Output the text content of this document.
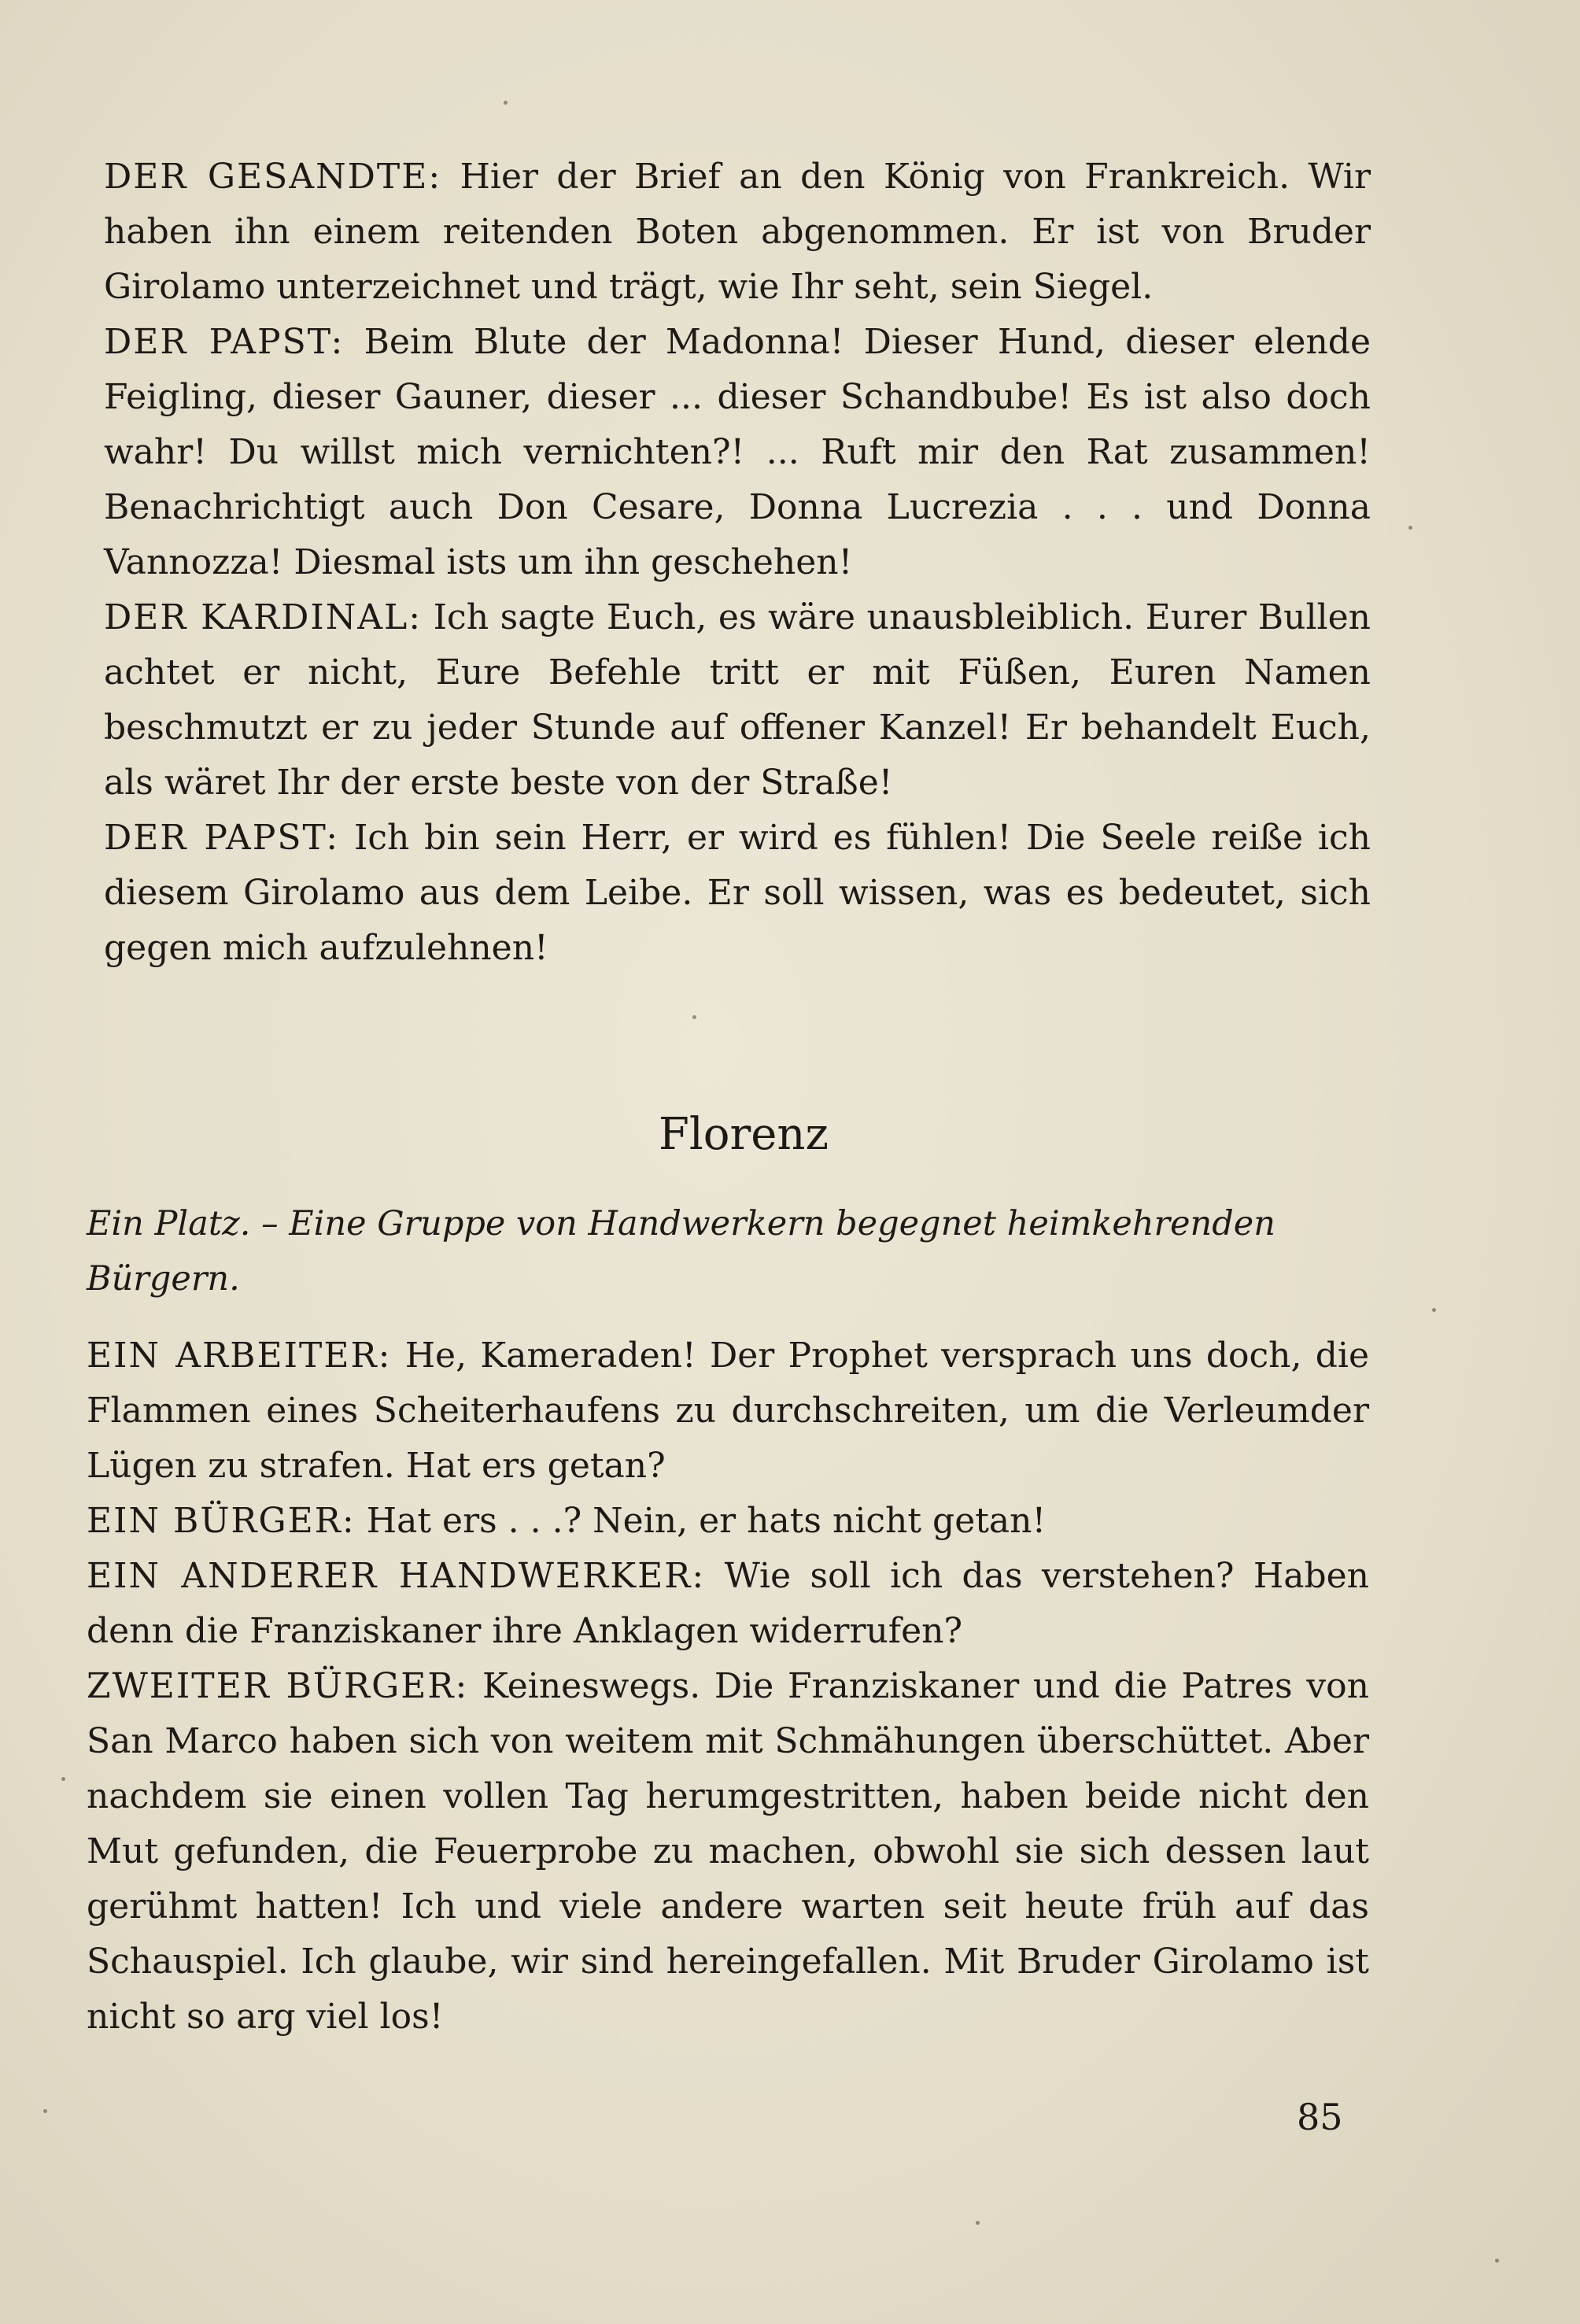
DER GESANDTE: Hier der Brief an den König von Frankreich. Wir haben ihn einem reitenden Boten abgenommen. Er ist von Bruder Girolamo unterzeichnet und trägt, wie Ihr seht, sein Siegel.

DER PAPST: Beim Blute der Madonna! Dieser Hund, dieser elende Feigling, dieser Gauner, dieser ... dieser Schandbube! Es ist also doch wahr! Du willst mich vernichten?! ... Ruft mir den Rat zusammen! Benachrichtigt auch Don Cesare, Donna Lucrezia . . . und Donna Vannozza! Diesmal ists um ihn geschehen!

DER KARDINAL: Ich sagte Euch, es wäre unausbleiblich. Eurer Bullen achtet er nicht, Eure Befehle tritt er mit Füßen, Euren Namen beschmutzt er zu jeder Stunde auf offener Kanzel! Er behandelt Euch, als wäret Ihr der erste beste von der Straße!

DER PAPST: Ich bin sein Herr, er wird es fühlen! Die Seele reiße ich diesem Girolamo aus dem Leibe. Er soll wissen, was es bedeutet, sich gegen mich aufzulehnen!

Florenz
Ein Platz. – Eine Gruppe von Handwerkern begegnet heimkehrenden Bürgern.

EIN ARBEITER: He, Kameraden! Der Prophet versprach uns doch, die Flammen eines Scheiterhaufens zu durchschreiten, um die Verleumder Lügen zu strafen. Hat ers getan?

EIN BÜRGER: Hat ers . . .? Nein, er hats nicht getan!

EIN ANDERER HANDWERKER: Wie soll ich das verstehen? Haben denn die Franziskaner ihre Anklagen widerrufen?

ZWEITER BÜRGER: Keineswegs. Die Franziskaner und die Patres von San Marco haben sich von weitem mit Schmähungen überschüttet. Aber nachdem sie einen vollen Tag herumgestritten, haben beide nicht den Mut gefunden, die Feuerprobe zu machen, obwohl sie sich dessen laut gerühmt hatten! Ich und viele andere warten seit heute früh auf das Schauspiel. Ich glaube, wir sind hereingefallen. Mit Bruder Girolamo ist nicht so arg viel los!

85
